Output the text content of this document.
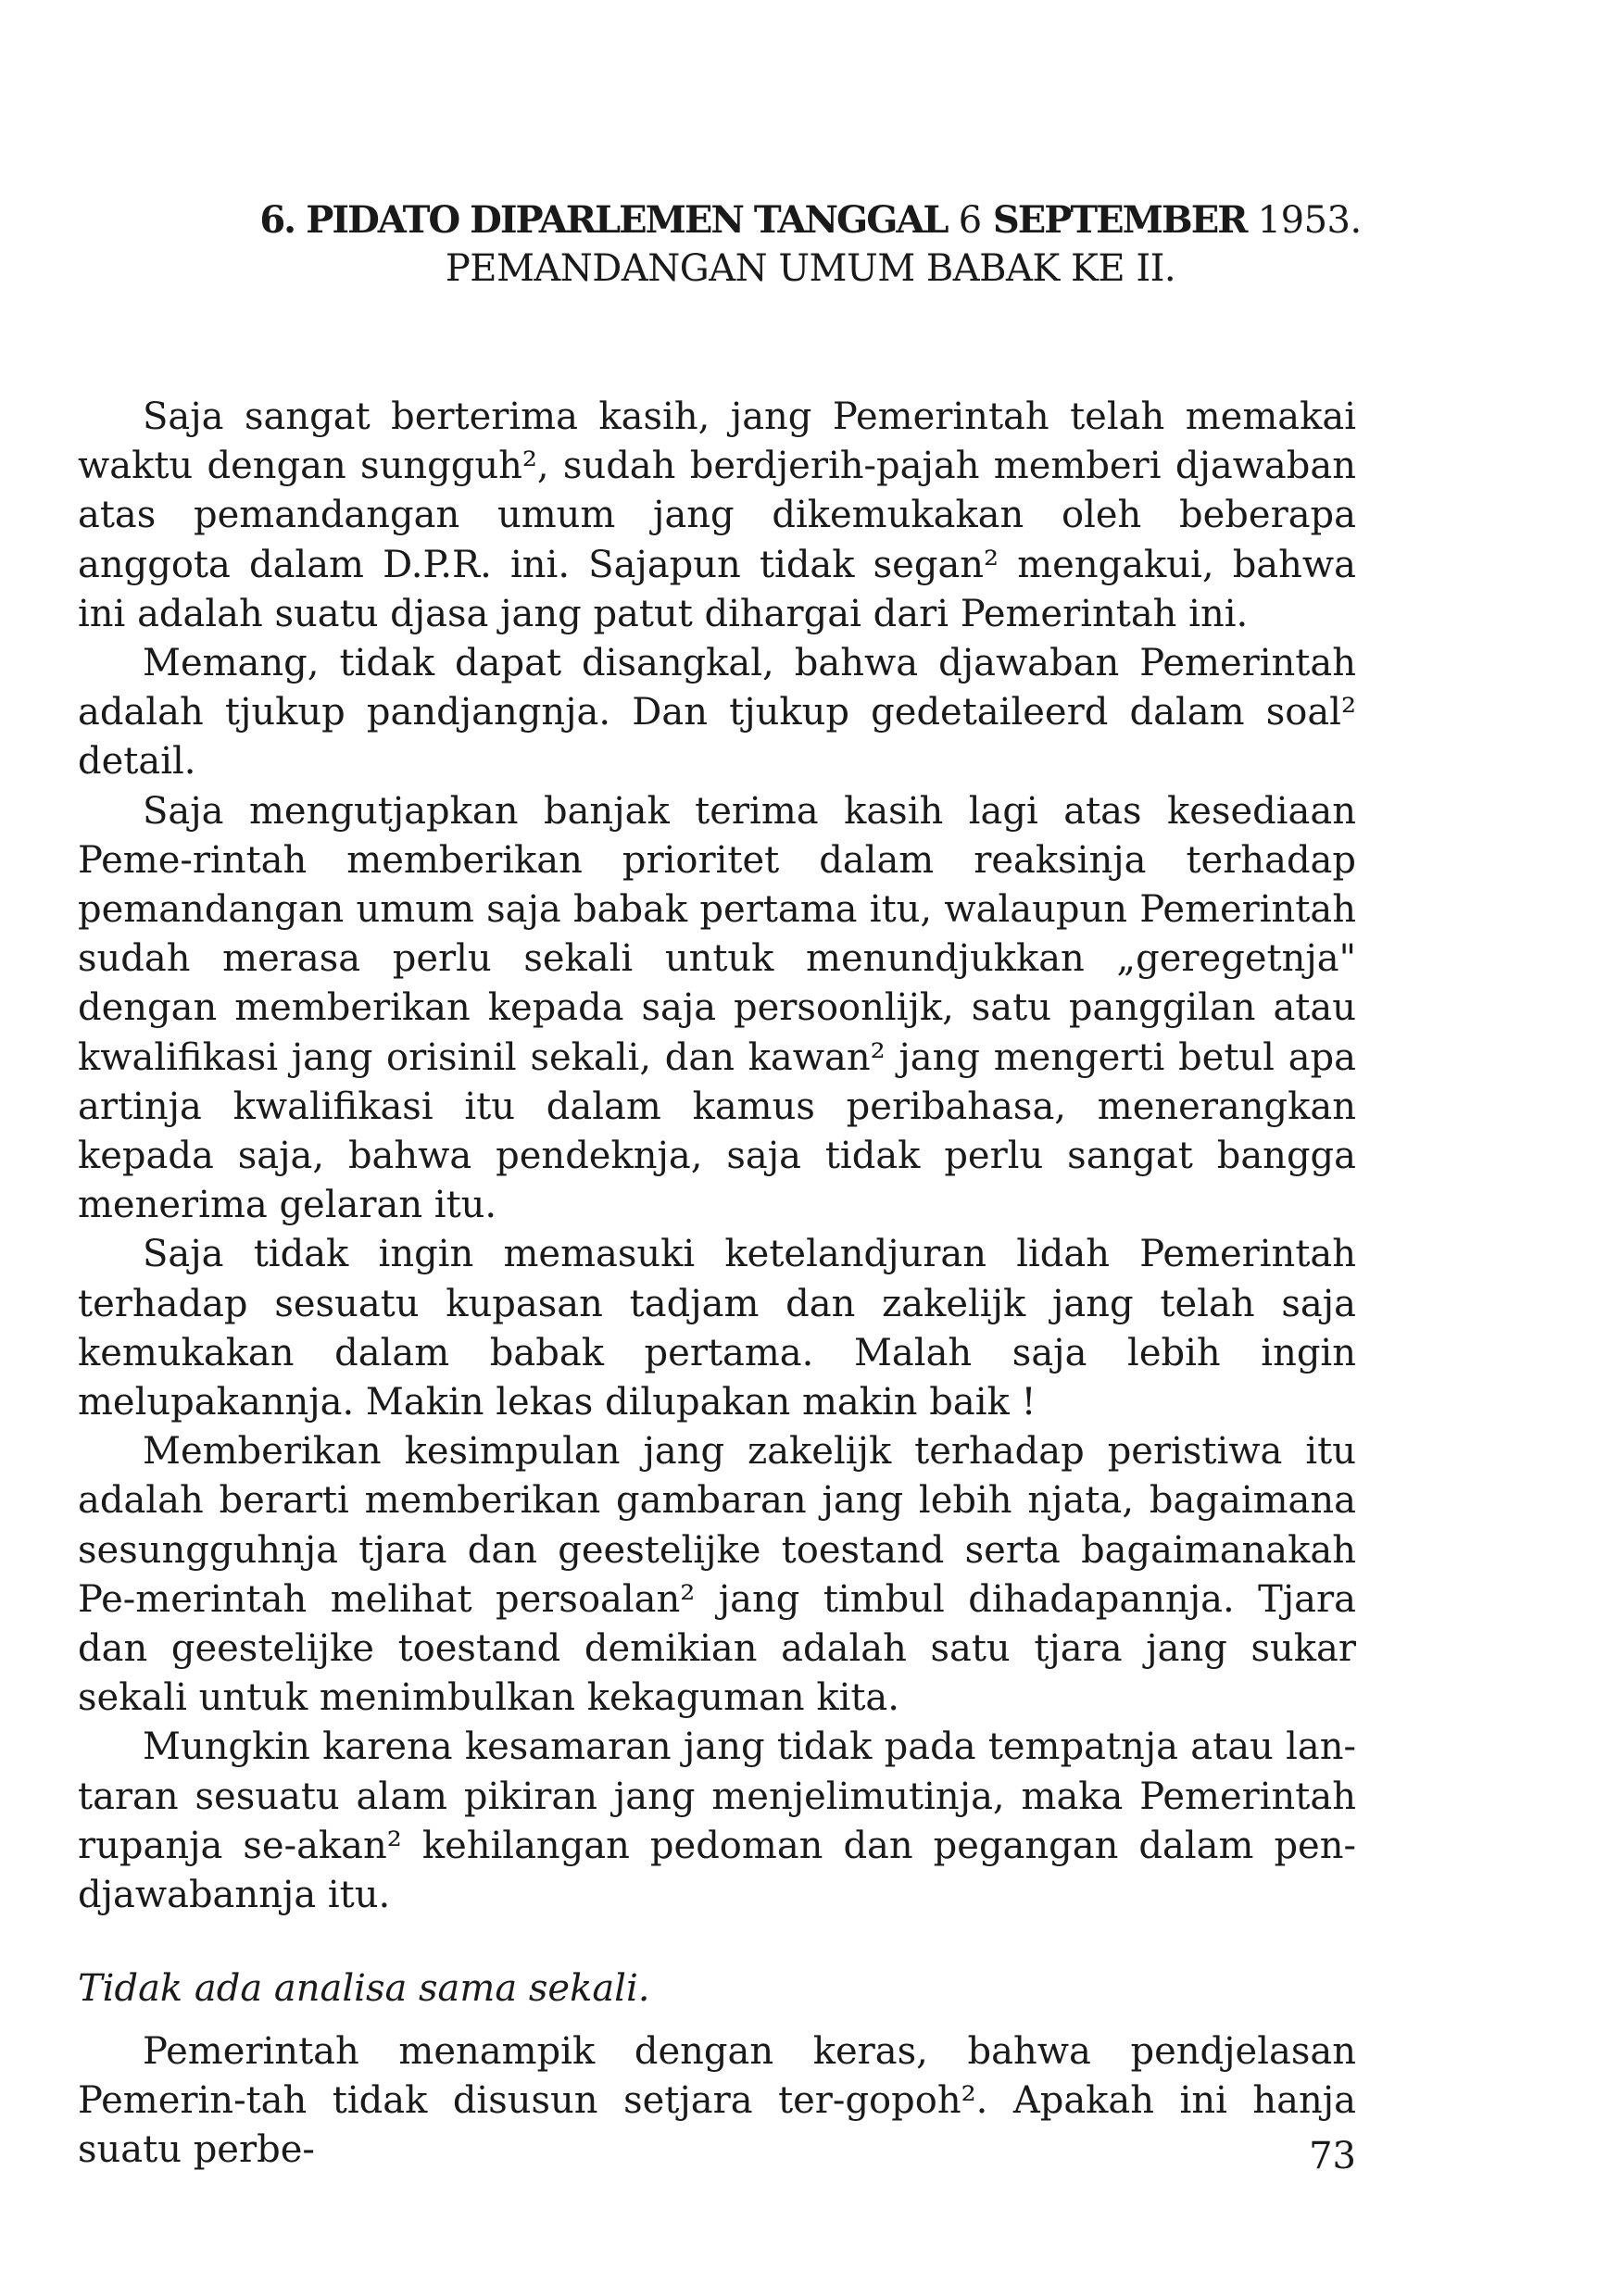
6. PIDATO DIPARLEMEN TANGGAL 6 SEPTEMBER 1953.
PEMANDANGAN UMUM BABAK KE II.

Saja sangat berterima kasih, jang Pemerintah telah memakai waktu dengan sungguh², sudah berdjerih-pajah memberi djawaban atas pemandangan umum jang dikemukakan oleh beberapa anggota dalam D.P.R. ini. Sajapun tidak segan² mengakui, bahwa ini adalah suatu djasa jang patut dihargai dari Pemerintah ini.

Memang, tidak dapat disangkal, bahwa djawaban Pemerintah adalah tjukup pandjangnja. Dan tjukup gedetaileerd dalam soal² detail.

Saja mengutjapkan banjak terima kasih lagi atas kesediaan Peme-rintah memberikan prioritet dalam reaksinja terhadap pemandangan umum saja babak pertama itu, walaupun Pemerintah sudah merasa perlu sekali untuk menundjukkan „geregetnja" dengan memberikan kepada saja persoonlijk, satu panggilan atau kwalifikasi jang orisinil sekali, dan kawan² jang mengerti betul apa artinja kwalifikasi itu dalam kamus peribahasa, menerangkan kepada saja, bahwa pendeknja, saja tidak perlu sangat bangga menerima gelaran itu.

Saja tidak ingin memasuki ketelandjuran lidah Pemerintah terhadap sesuatu kupasan tadjam dan zakelijk jang telah saja kemukakan dalam babak pertama. Malah saja lebih ingin melupakannja. Makin lekas dilupakan makin baik !

Memberikan kesimpulan jang zakelijk terhadap peristiwa itu adalah berarti memberikan gambaran jang lebih njata, bagaimana sesungguhnja tjara dan geestelijke toestand serta bagaimanakah Pe-merintah melihat persoalan² jang timbul dihadapannja. Tjara dan geestelijke toestand demikian adalah satu tjara jang sukar sekali untuk menimbulkan kekaguman kita.

Mungkin karena kesamaran jang tidak pada tempatnja atau lan-taran sesuatu alam pikiran jang menjelimutinja, maka Pemerintah rupanja se-akan² kehilangan pedoman dan pegangan dalam pen-djawabannja itu.

Tidak ada analisa sama sekali.

Pemerintah menampik dengan keras, bahwa pendjelasan Pemerin-tah tidak disusun setjara ter-gopoh². Apakah ini hanja suatu perbe-	73
